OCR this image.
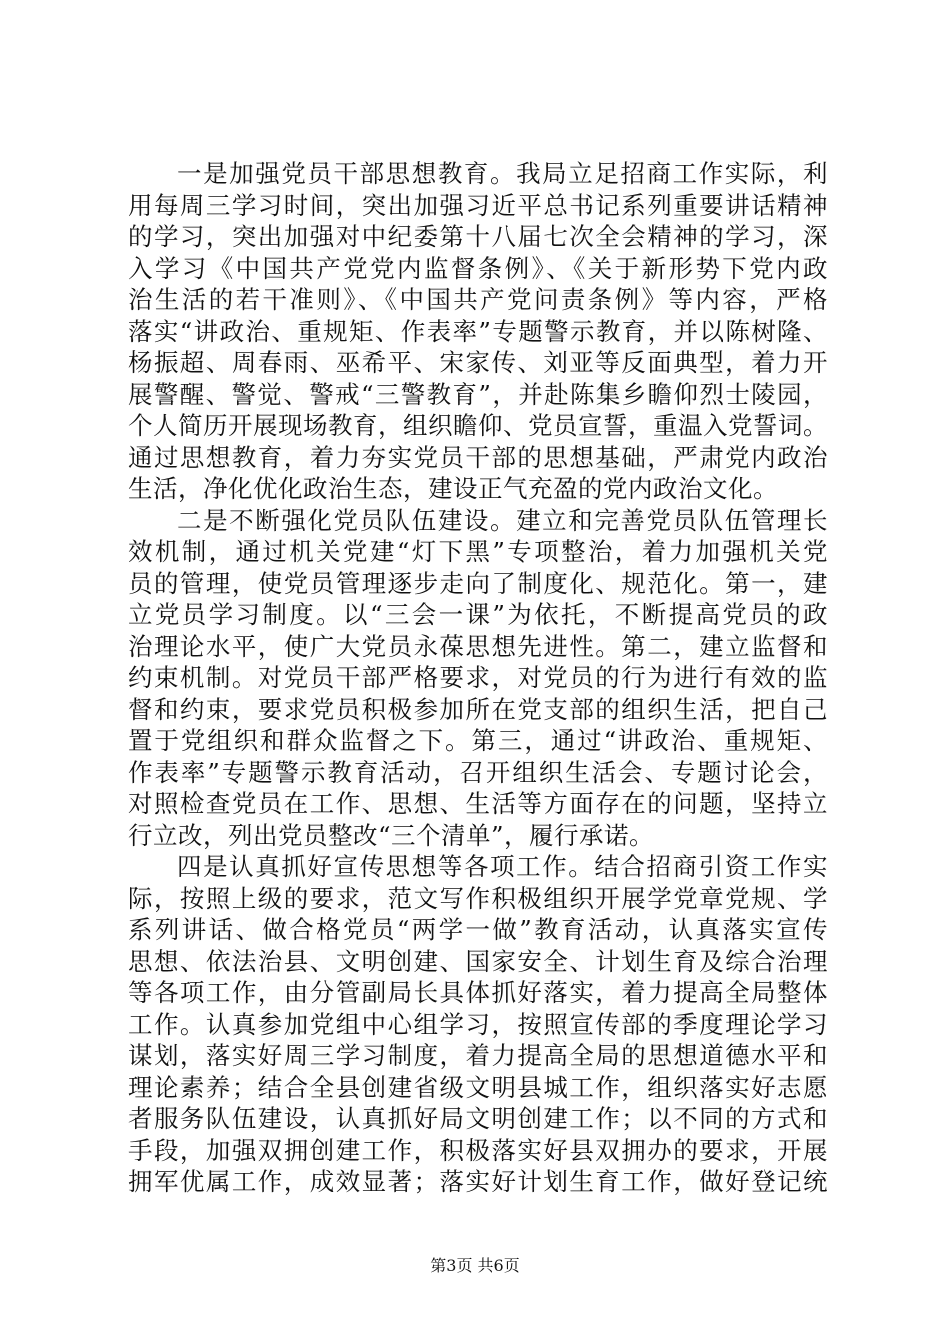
一是加强党员干部思想教育。我局立足招商工作实际，利
用每周三学习时间，突出加强习近平总书记系列重要讲话精神
的学习，突出加强对中纪委第十八届七次全会精神的学习，深
入学习《中国共产党党内监督条例》、《关于新形势下党内政
治生活的若干准则》、《中国共产党问责条例》等内容，严格
落实“讲政治、重规矩、作表率”专题警示教育，并以陈树隆、
杨振超、周春雨、巫希平、宋家传、刘亚等反面典型，着力开
展警醒、警觉、警戒“三警教育”，并赴陈集乡瞻仰烈士陵园，
个人简历开展现场教育，组织瞻仰、党员宣誓，重温入党誓词。
通过思想教育，着力夯实党员干部的思想基础，严肃党内政治
生活，净化优化政治生态，建设正气充盈的党内政治文化。
二是不断强化党员队伍建设。建立和完善党员队伍管理长
效机制，通过机关党建“灯下黑”专项整治，着力加强机关党
员的管理，使党员管理逐步走向了制度化、规范化。第一，建
立党员学习制度。以“三会一课”为依托，不断提高党员的政
治理论水平，使广大党员永葆思想先进性。第二，建立监督和
约束机制。对党员干部严格要求，对党员的行为进行有效的监
督和约束，要求党员积极参加所在党支部的组织生活，把自己
置于党组织和群众监督之下。第三，通过“讲政治、重规矩、
作表率”专题警示教育活动，召开组织生活会、专题讨论会，
对照检查党员在工作、思想、生活等方面存在的问题，坚持立
行立改，列出党员整改“三个清单”，履行承诺。
四是认真抓好宣传思想等各项工作。结合招商引资工作实
际，按照上级的要求，范文写作积极组织开展学党章党规、学
系列讲话、做合格党员“两学一做”教育活动，认真落实宣传
思想、依法治县、文明创建、国家安全、计划生育及综合治理
等各项工作，由分管副局长具体抓好落实，着力提高全局整体
工作。认真参加党组中心组学习，按照宣传部的季度理论学习
谋划，落实好周三学习制度，着力提高全局的思想道德水平和
理论素养；结合全县创建省级文明县城工作，组织落实好志愿
者服务队伍建设，认真抓好局文明创建工作；以不同的方式和
手段，加强双拥创建工作，积极落实好县双拥办的要求，开展
拥军优属工作，成效显著；落实好计划生育工作，做好登记统
第3页 共6页
